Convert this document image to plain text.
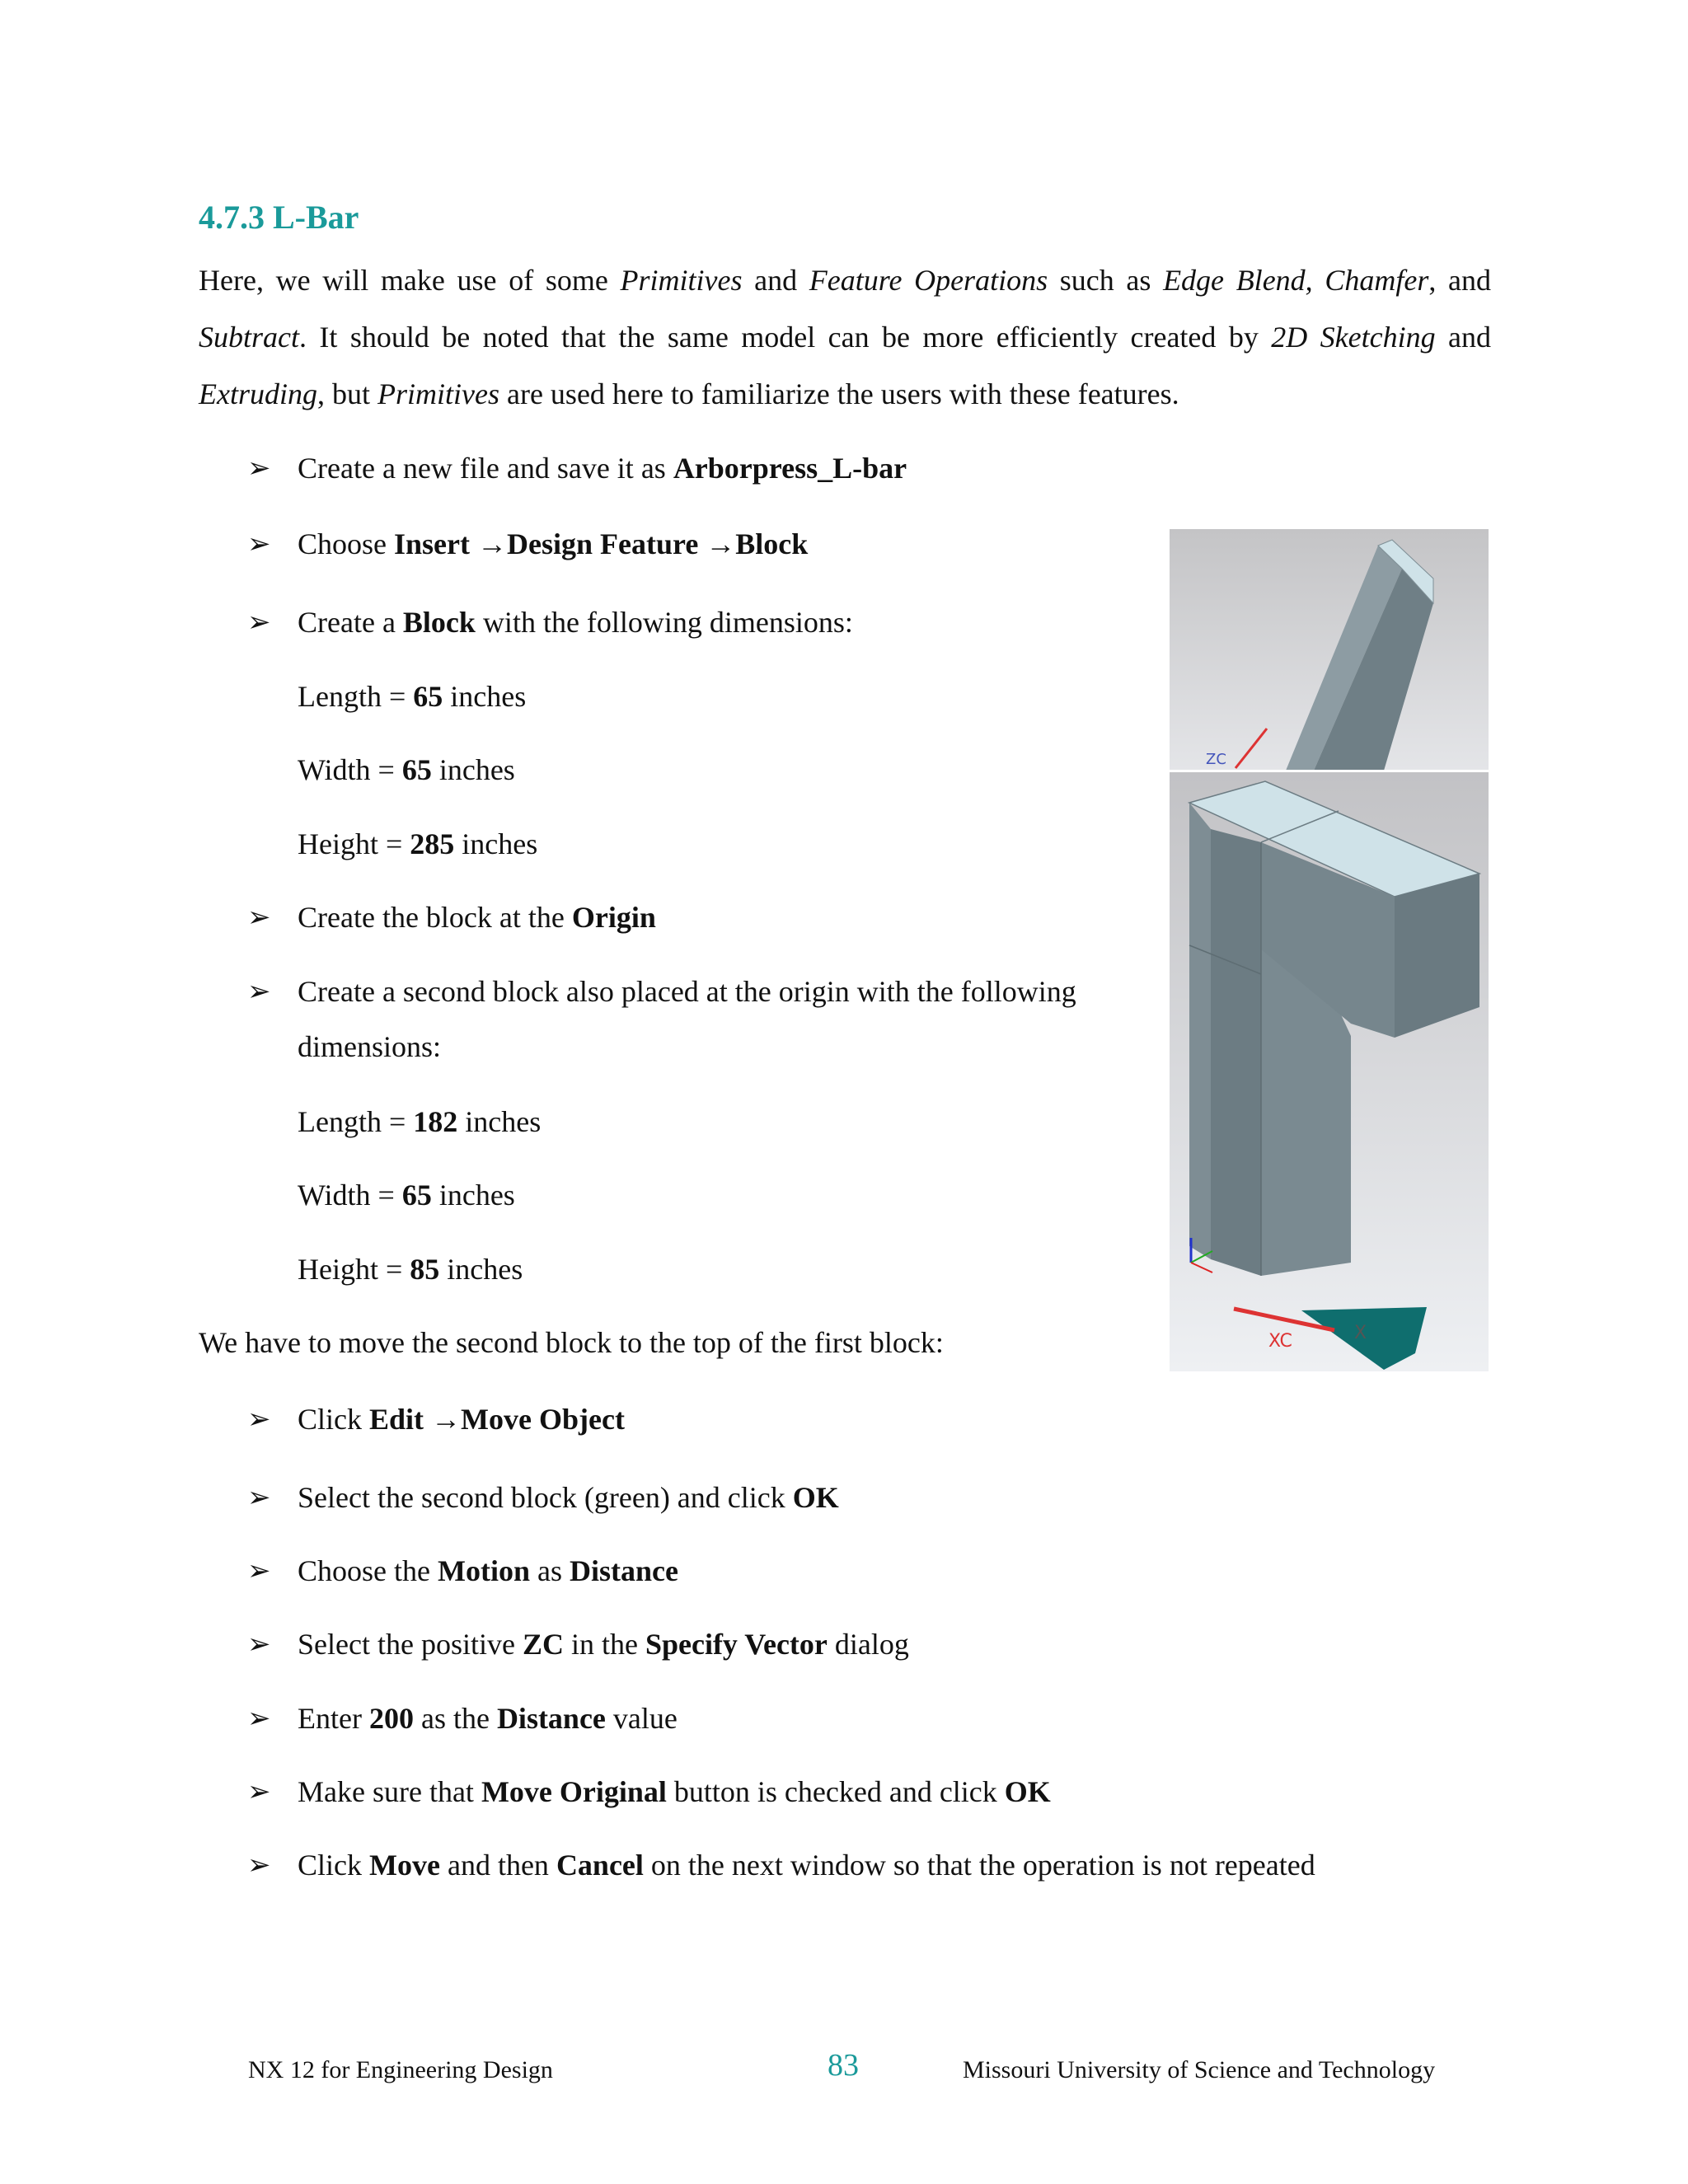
4.7.3 L-Bar

Here, we will make use of some Primitives and Feature Operations such as Edge Blend, Chamfer, and Subtract. It should be noted that the same model can be more efficiently created by 2D Sketching and Extruding, but Primitives are used here to familiarize the users with these features.

➢ Create a new file and save it as Arborpress_L-bar
➢ Choose Insert →Design Feature →Block
➢ Create a Block with the following dimensions:
Length = 65 inches
Width = 65 inches
Height = 285 inches
➢ Create the block at the Origin
➢ Create a second block also placed at the origin with the following
dimensions:
Length = 182 inches
Width = 65 inches
Height = 85 inches
We have to move the second block to the top of the first block:
➢ Click Edit →Move Object
➢ Select the second block (green) and click OK
➢ Choose the Motion as Distance
➢ Select the positive ZC in the Specify Vector dialog
➢ Enter 200 as the Distance value
➢ Make sure that Move Original button is checked and click OK
➢ Click Move and then Cancel on the next window so that the operation is not repeated
ZC
XC	X
NX 12 for Engineering Design	83	Missouri University of Science and Technology
